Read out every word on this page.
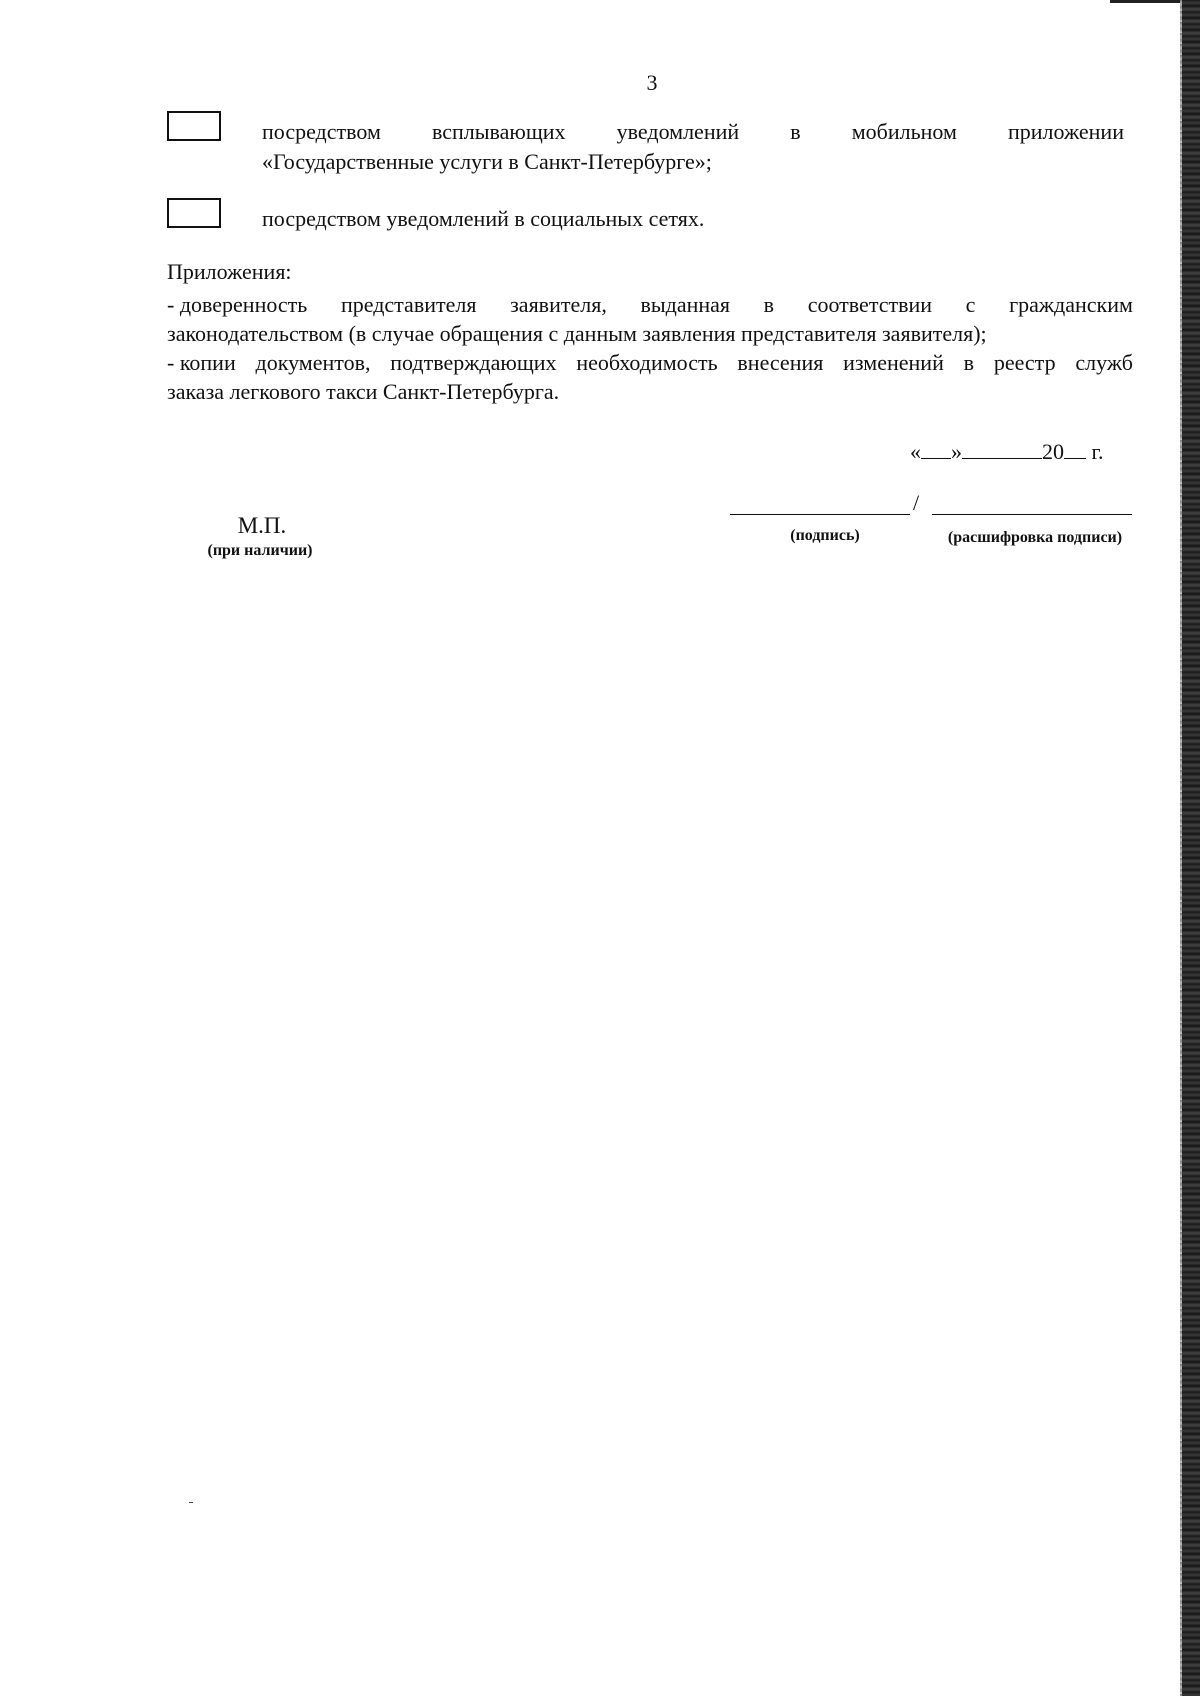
3
посредством всплывающих уведомлений в мобильном приложении
«Государственные услуги в Санкт-Петербурге»;
посредством уведомлений в социальных сетях.
Приложения:
- доверенность представителя заявителя, выданная в соответствии с гражданским
законодательством (в случае обращения с данным заявления представителя заявителя);
- копии документов, подтверждающих необходимость внесения изменений в реестр служб
заказа легкового такси Санкт-Петербурга.
« »	20 г.
/
(подпись)	(расшифровка подписи)
М.П.
(при наличии)
